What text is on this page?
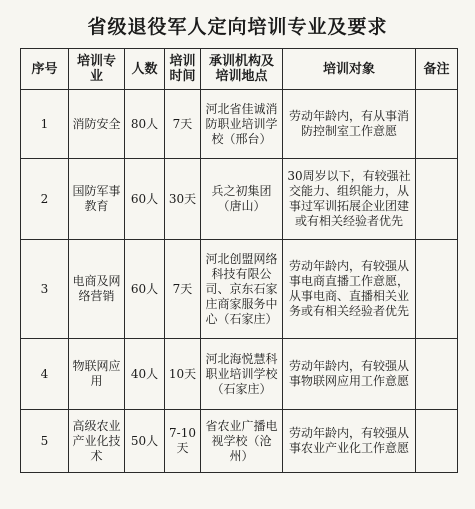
省级退役军人定向培训专业及要求
序号	培训专业	人数	培训时间	承训机构及培训地点	培训对象	备注
1	消防安全	80人	7天	河北省佳诚消防职业培训学校（邢台）	劳动年龄内，有从事消防控制室工作意愿	
2	国防军事教育	60人	30天	兵之初集团（唐山）	30周岁以下，有较强社交能力、组织能力，从事过军训拓展企业团建或有相关经验者优先	
3	电商及网络营销	60人	7天	河北创盟网络科技有限公司、京东石家庄商家服务中心（石家庄）	劳动年龄内，有较强从事电商直播工作意愿，从事电商、直播相关业务或有相关经验者优先	
4	物联网应用	40人	10天	河北海悦慧科职业培训学校（石家庄）	劳动年龄内，有较强从事物联网应用工作意愿	
5	高级农业产业化技术	50人	7-10天	省农业广播电视学校（沧州）	劳动年龄内，有较强从事农业产业化工作意愿	
